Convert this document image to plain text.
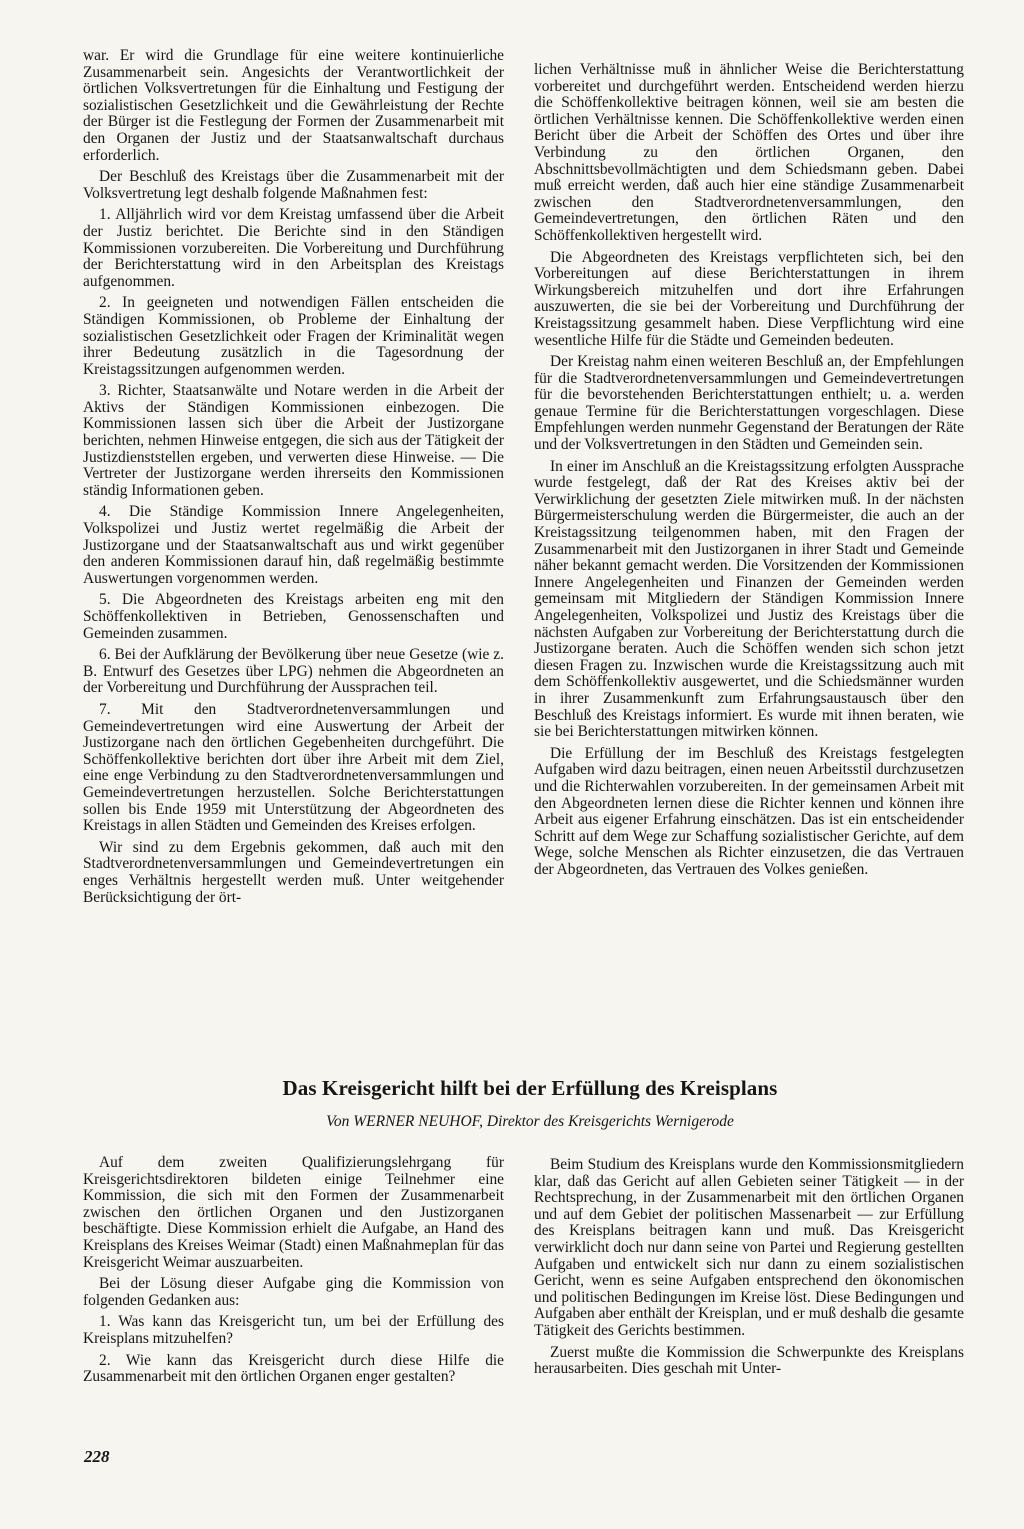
war. Er wird die Grundlage für eine weitere kontinuierliche Zusammenarbeit sein. Angesichts der Verantwortlichkeit der örtlichen Volksvertretungen für die Einhaltung und Festigung der sozialistischen Gesetzlichkeit und die Gewährleistung der Rechte der Bürger ist die Festlegung der Formen der Zusammenarbeit mit den Organen der Justiz und der Staatsanwaltschaft durchaus erforderlich.

Der Beschluß des Kreistags über die Zusammenarbeit mit der Volksvertretung legt deshalb folgende Maßnahmen fest:

1. Alljährlich wird vor dem Kreistag umfassend über die Arbeit der Justiz berichtet. Die Berichte sind in den Ständigen Kommissionen vorzubereiten. Die Vorbereitung und Durchführung der Berichterstattung wird in den Arbeitsplan des Kreistags aufgenommen.

2. In geeigneten und notwendigen Fällen entscheiden die Ständigen Kommissionen, ob Probleme der Einhaltung der sozialistischen Gesetzlichkeit oder Fragen der Kriminalität wegen ihrer Bedeutung zusätzlich in die Tagesordnung der Kreistagssitzungen aufgenommen werden.

3. Richter, Staatsanwälte und Notare werden in die Arbeit der Aktivs der Ständigen Kommissionen einbezogen. Die Kommissionen lassen sich über die Arbeit der Justizorgane berichten, nehmen Hinweise entgegen, die sich aus der Tätigkeit der Justizdienststellen ergeben, und verwerten diese Hinweise. — Die Vertreter der Justizorgane werden ihrerseits den Kommissionen ständig Informationen geben.

4. Die Ständige Kommission Innere Angelegenheiten, Volkspolizei und Justiz wertet regelmäßig die Arbeit der Justizorgane und der Staatsanwaltschaft aus und wirkt gegenüber den anderen Kommissionen darauf hin, daß regelmäßig bestimmte Auswertungen vorgenommen werden.

5. Die Abgeordneten des Kreistags arbeiten eng mit den Schöffenkollektiven in Betrieben, Genossenschaften und Gemeinden zusammen.

6. Bei der Aufklärung der Bevölkerung über neue Gesetze (wie z. B. Entwurf des Gesetzes über LPG) nehmen die Abgeordneten an der Vorbereitung und Durchführung der Aussprachen teil.

7. Mit den Stadtverordnetenversammlungen und Gemeindevertretungen wird eine Auswertung der Arbeit der Justizorgane nach den örtlichen Gegebenheiten durchgeführt. Die Schöffenkollektive berichten dort über ihre Arbeit mit dem Ziel, eine enge Verbindung zu den Stadtverordnetenversammlungen und Gemeindevertretungen herzustellen. Solche Berichterstattungen sollen bis Ende 1959 mit Unterstützung der Abgeordneten des Kreistags in allen Städten und Gemeinden des Kreises erfolgen.

Wir sind zu dem Ergebnis gekommen, daß auch mit den Stadtverordnetenversammlungen und Gemeindevertretungen ein enges Verhältnis hergestellt werden muß. Unter weitgehender Berücksichtigung der ört-

lichen Verhältnisse muß in ähnlicher Weise die Berichterstattung vorbereitet und durchgeführt werden. Entscheidend werden hierzu die Schöffenkollektive beitragen können, weil sie am besten die örtlichen Verhältnisse kennen. Die Schöffenkollektive werden einen Bericht über die Arbeit der Schöffen des Ortes und über ihre Verbindung zu den örtlichen Organen, den Abschnittsbevollmächtigten und dem Schiedsmann geben. Dabei muß erreicht werden, daß auch hier eine ständige Zusammenarbeit zwischen den Stadtverordnetenversammlungen, den Gemeindevertretungen, den örtlichen Räten und den Schöffenkollektiven hergestellt wird.

Die Abgeordneten des Kreistags verpflichteten sich, bei den Vorbereitungen auf diese Berichterstattungen in ihrem Wirkungsbereich mitzuhelfen und dort ihre Erfahrungen auszuwerten, die sie bei der Vorbereitung und Durchführung der Kreistagssitzung gesammelt haben. Diese Verpflichtung wird eine wesentliche Hilfe für die Städte und Gemeinden bedeuten.

Der Kreistag nahm einen weiteren Beschluß an, der Empfehlungen für die Stadtverordnetenversammlungen und Gemeindevertretungen für die bevorstehenden Berichterstattungen enthielt; u. a. werden genaue Termine für die Berichterstattungen vorgeschlagen. Diese Empfehlungen werden nunmehr Gegenstand der Beratungen der Räte und der Volksvertretungen in den Städten und Gemeinden sein.

In einer im Anschluß an die Kreistagssitzung erfolgten Aussprache wurde festgelegt, daß der Rat des Kreises aktiv bei der Verwirklichung der gesetzten Ziele mitwirken muß. In der nächsten Bürgermeisterschulung werden die Bürgermeister, die auch an der Kreistagssitzung teilgenommen haben, mit den Fragen der Zusammenarbeit mit den Justizorganen in ihrer Stadt und Gemeinde näher bekannt gemacht werden. Die Vorsitzenden der Kommissionen Innere Angelegenheiten und Finanzen der Gemeinden werden gemeinsam mit Mitgliedern der Ständigen Kommission Innere Angelegenheiten, Volkspolizei und Justiz des Kreistags über die nächsten Aufgaben zur Vorbereitung der Berichterstattung durch die Justizorgane beraten. Auch die Schöffen wenden sich schon jetzt diesen Fragen zu. Inzwischen wurde die Kreistagssitzung auch mit dem Schöffenkollektiv ausgewertet, und die Schiedsmänner wurden in ihrer Zusammenkunft zum Erfahrungsaustausch über den Beschluß des Kreistags informiert. Es wurde mit ihnen beraten, wie sie bei Berichterstattungen mitwirken können.

Die Erfüllung der im Beschluß des Kreistags festgelegten Aufgaben wird dazu beitragen, einen neuen Arbeitsstil durchzusetzen und die Richterwahlen vorzubereiten. In der gemeinsamen Arbeit mit den Abgeordneten lernen diese die Richter kennen und können ihre Arbeit aus eigener Erfahrung einschätzen. Das ist ein entscheidender Schritt auf dem Wege zur Schaffung sozialistischer Gerichte, auf dem Wege, solche Menschen als Richter einzusetzen, die das Vertrauen der Abgeordneten, das Vertrauen des Volkes genießen.

Das Kreisgericht hilft bei der Erfüllung des Kreisplans
Von WERNER NEUHOF, Direktor des Kreisgerichts Wernigerode

Auf dem zweiten Qualifizierungslehrgang für Kreisgerichtsdirektoren bildeten einige Teilnehmer eine Kommission, die sich mit den Formen der Zusammenarbeit zwischen den örtlichen Organen und den Justizorganen beschäftigte. Diese Kommission erhielt die Aufgabe, an Hand des Kreisplans des Kreises Weimar (Stadt) einen Maßnahmeplan für das Kreisgericht Weimar auszuarbeiten.

Bei der Lösung dieser Aufgabe ging die Kommission von folgenden Gedanken aus:

1. Was kann das Kreisgericht tun, um bei der Erfüllung des Kreisplans mitzuhelfen?

2. Wie kann das Kreisgericht durch diese Hilfe die Zusammenarbeit mit den örtlichen Organen enger gestalten?

Beim Studium des Kreisplans wurde den Kommissionsmitgliedern klar, daß das Gericht auf allen Gebieten seiner Tätigkeit — in der Rechtsprechung, in der Zusammenarbeit mit den örtlichen Organen und auf dem Gebiet der politischen Massenarbeit — zur Erfüllung des Kreisplans beitragen kann und muß. Das Kreisgericht verwirklicht doch nur dann seine von Partei und Regierung gestellten Aufgaben und entwickelt sich nur dann zu einem sozialistischen Gericht, wenn es seine Aufgaben entsprechend den ökonomischen und politischen Bedingungen im Kreise löst. Diese Bedingungen und Aufgaben aber enthält der Kreisplan, und er muß deshalb die gesamte Tätigkeit des Gerichts bestimmen.

Zuerst mußte die Kommission die Schwerpunkte des Kreisplans herausarbeiten. Dies geschah mit Unter-

228
